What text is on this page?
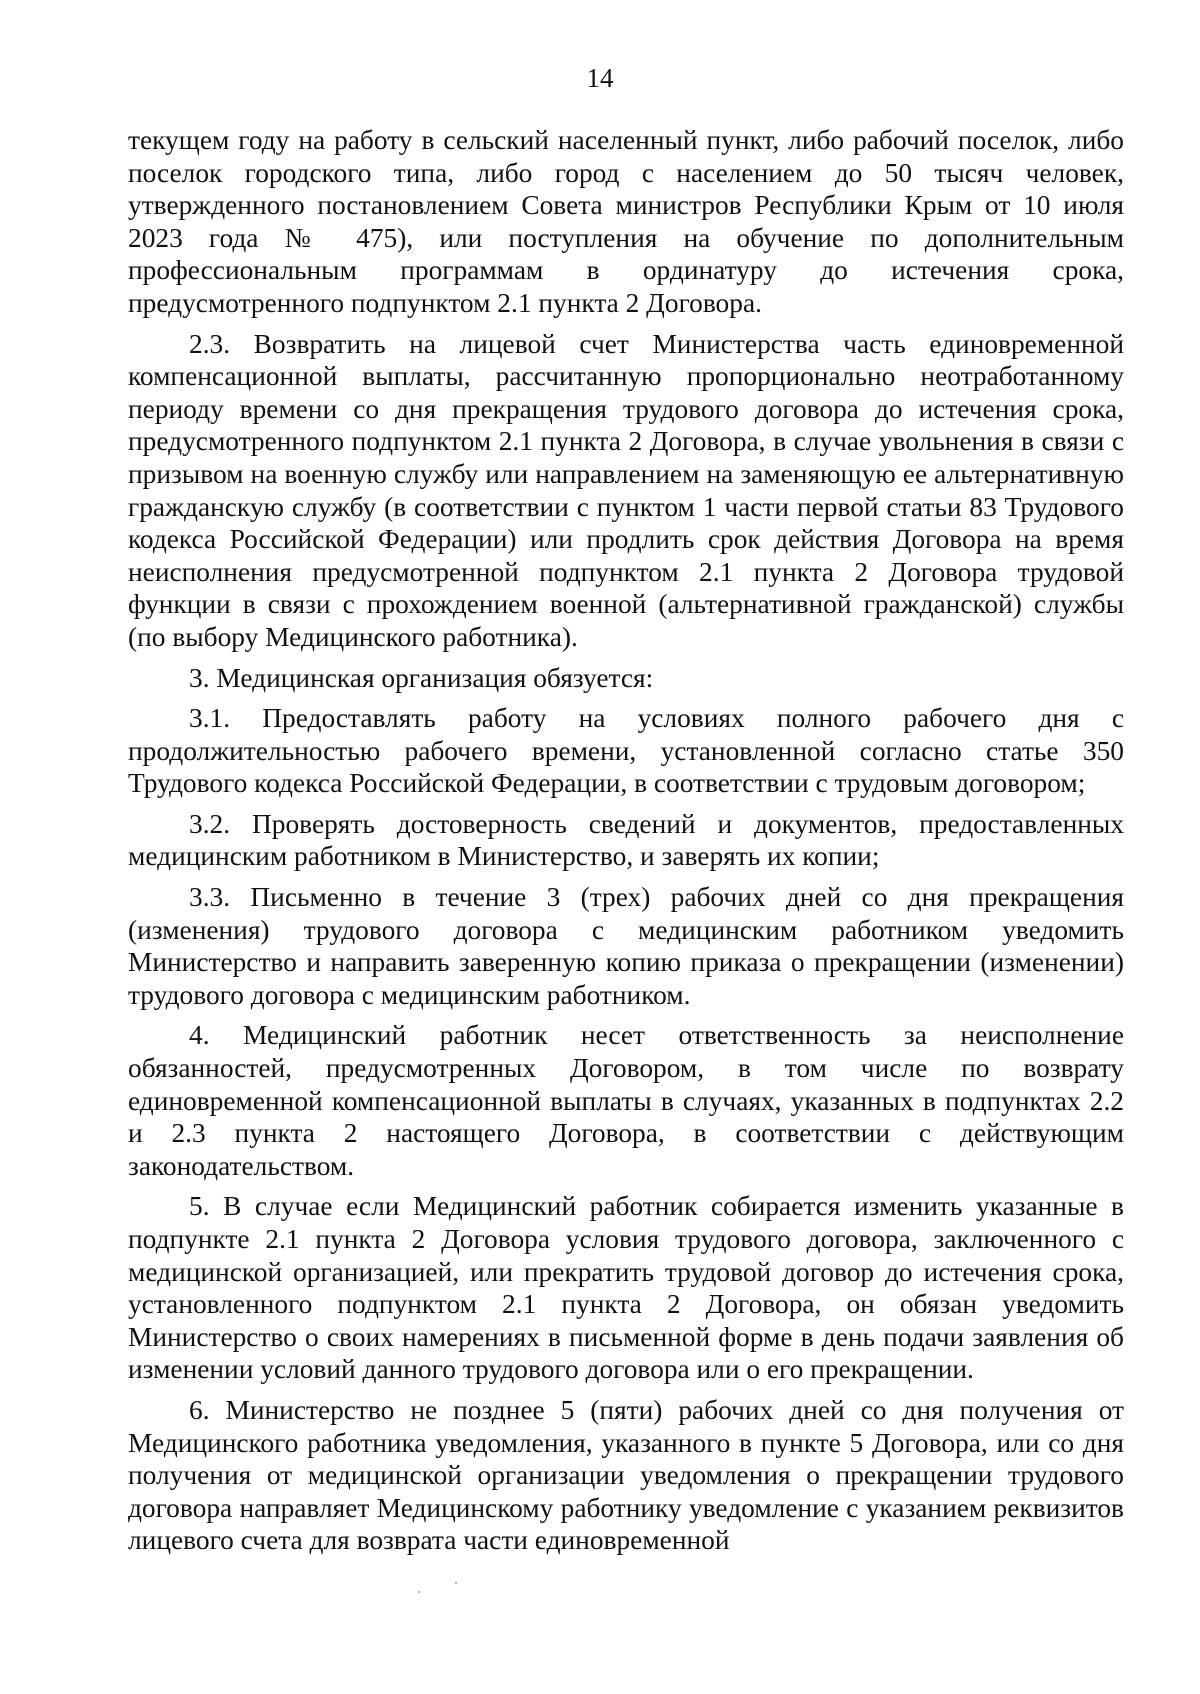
14

текущем году на работу в сельский населенный пункт, либо рабочий поселок, либо поселок городского типа, либо город с населением до 50 тысяч человек, утвержденного постановлением Совета министров Республики Крым от 10 июля 2023 года № 475), или поступления на обучение по дополнительным профессиональным программам в ординатуру до истечения срока, предусмотренного подпунктом 2.1 пункта 2 Договора.

2.3. Возвратить на лицевой счет Министерства часть единовременной компенсационной выплаты, рассчитанную пропорционально неотработанному периоду времени со дня прекращения трудового договора до истечения срока, предусмотренного подпунктом 2.1 пункта 2 Договора, в случае увольнения в связи с призывом на военную службу или направлением на заменяющую ее альтернативную гражданскую службу (в соответствии с пунктом 1 части первой статьи 83 Трудового кодекса Российской Федерации) или продлить срок действия Договора на время неисполнения предусмотренной подпунктом 2.1 пункта 2 Договора трудовой функции в связи с прохождением военной (альтернативной гражданской) службы (по выбору Медицинского работника).

3. Медицинская организация обязуется:

3.1. Предоставлять работу на условиях полного рабочего дня с продолжительностью рабочего времени, установленной согласно статье 350 Трудового кодекса Российской Федерации, в соответствии с трудовым договором;

3.2. Проверять достоверность сведений и документов, предоставленных медицинским работником в Министерство, и заверять их копии;

3.3. Письменно в течение 3 (трех) рабочих дней со дня прекращения (изменения) трудового договора с медицинским работником уведомить Министерство и направить заверенную копию приказа о прекращении (изменении) трудового договора с медицинским работником.

4. Медицинский работник несет ответственность за неисполнение обязанностей, предусмотренных Договором, в том числе по возврату единовременной компенсационной выплаты в случаях, указанных в подпунктах 2.2 и 2.3 пункта 2 настоящего Договора, в соответствии с действующим законодательством.

5. В случае если Медицинский работник собирается изменить указанные в подпункте 2.1 пункта 2 Договора условия трудового договора, заключенного с медицинской организацией, или прекратить трудовой договор до истечения срока, установленного подпунктом 2.1 пункта 2 Договора, он обязан уведомить Министерство о своих намерениях в письменной форме в день подачи заявления об изменении условий данного трудового договора или о его прекращении.

6. Министерство не позднее 5 (пяти) рабочих дней со дня получения от Медицинского работника уведомления, указанного в пункте 5 Договора, или со дня получения от медицинской организации уведомления о прекращении трудового договора направляет Медицинскому работнику уведомление с указанием реквизитов лицевого счета для возврата части единовременной
